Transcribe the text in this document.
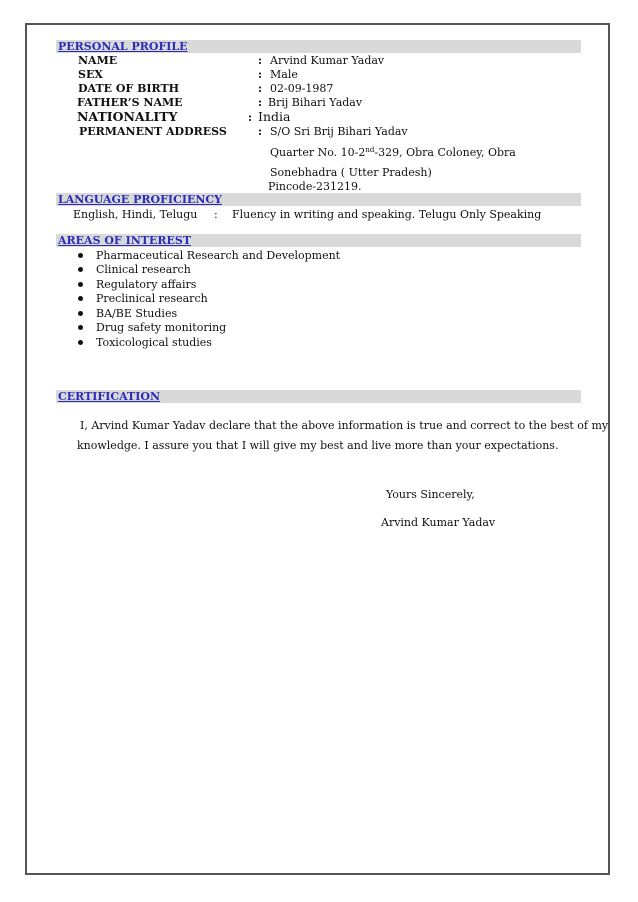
PERSONAL PROFILE
NAME	: Arvind Kumar Yadav
SEX	: Male
DATE OF BIRTH	: 02-09-1987
FATHER’S NAME	: Brij Bihari Yadav
NATIONALITY	: India
PERMANENT ADDRESS	: S/O Sri Brij Bihari Yadav
Quarter No. 10-2nd-329, Obra Coloney, Obra
Sonebhadra ( Utter Pradesh)
Pincode-231219.
LANGUAGE PROFICIENCY
English, Hindi, Telugu : Fluency in writing and speaking. Telugu Only Speaking
AREAS OF INTEREST
Pharmaceutical Research and Development
Clinical research
Regulatory affairs
Preclinical research
BA/BE Studies
Drug safety monitoring
Toxicological studies
CERTIFICATION
I, Arvind Kumar Yadav declare that the above information is true and correct to the best of my
knowledge. I assure you that I will give my best and live more than your expectations.
Yours Sincerely,
Arvind Kumar Yadav
